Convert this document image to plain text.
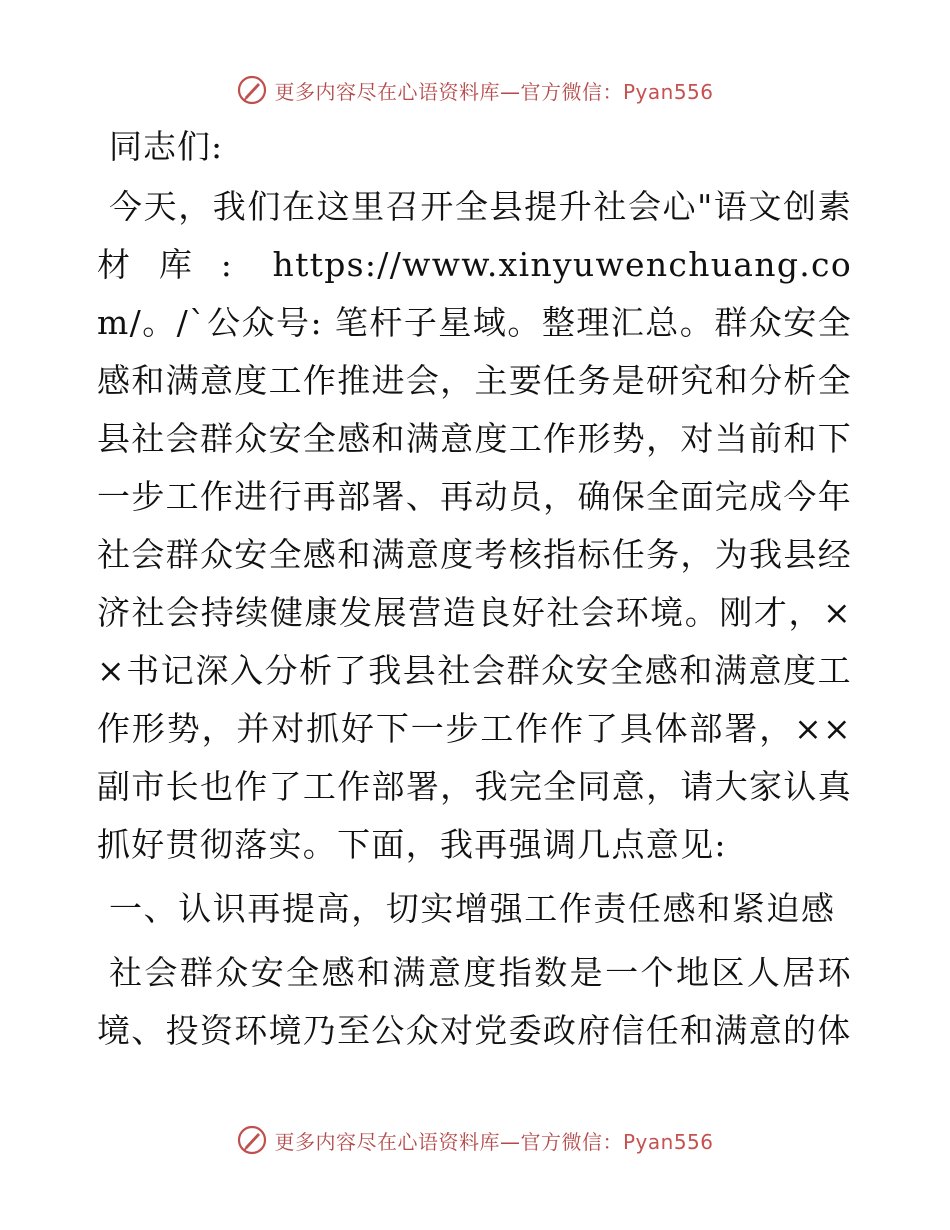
更多内容尽在心语资料库—官方微信：Pyan556

同志们:

今天，我们在这里召开全县提升社会心"语文创素材库: https://www.xinyuwenchuang.com/。/`公众号: 笔杆子星域。整理汇总。群众安全感和满意度工作推进会，主要任务是研究和分析全县社会群众安全感和满意度工作形势，对当前和下一步工作进行再部署、再动员，确保全面完成今年社会群众安全感和满意度考核指标任务，为我县经济社会持续健康发展营造良好社会环境。刚才，××书记深入分析了我县社会群众安全感和满意度工作形势，并对抓好下一步工作作了具体部署，××副市长也作了工作部署，我完全同意，请大家认真抓好贯彻落实。下面，我再强调几点意见:

一、认识再提高，切实增强工作责任感和紧迫感

社会群众安全感和满意度指数是一个地区人居环境、投资环境乃至公众对党委政府信任和满意的体

更多内容尽在心语资料库—官方微信：Pyan556
